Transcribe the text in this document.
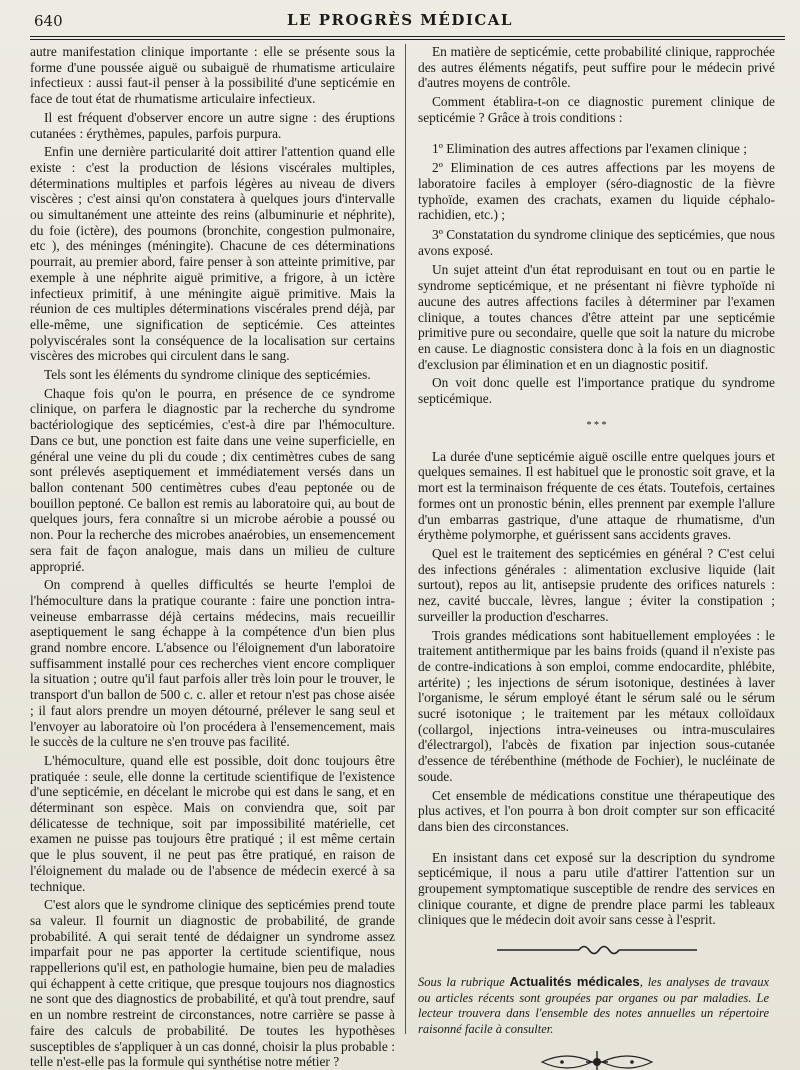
640	LE PROGRÈS MÉDICAL

autre manifestation clinique importante : elle se présente sous la forme d'une poussée aiguë ou subaiguë de rhumatisme articulaire infectieux : aussi faut-il penser à la possibilité d'une septicémie en face de tout état de rhumatisme articulaire infectieux.

Il est fréquent d'observer encore un autre signe : des éruptions cutanées : érythèmes, papules, parfois purpura.

Enfin une dernière particularité doit attirer l'attention quand elle existe : c'est la production de lésions viscérales multiples, déterminations multiples et parfois légères au niveau de divers viscères ; c'est ainsi qu'on constatera à quelques jours d'intervalle ou simultanément une atteinte des reins (albuminurie et néphrite), du foie (ictère), des poumons (bronchite, congestion pulmonaire, etc ), des méninges (méningite). Chacune de ces déterminations pourrait, au premier abord, faire penser à son atteinte primitive, par exemple à une néphrite aiguë primitive, a frigore, à un ictère infectieux primitif, à une méningite aiguë primitive. Mais la réunion de ces multiples déterminations viscérales prend déjà, par elle-même, une signification de septicémie. Ces atteintes polyviscérales sont la conséquence de la localisation sur certains viscères des microbes qui circulent dans le sang.

Tels sont les éléments du syndrome clinique des septicémies.

Chaque fois qu'on le pourra, en présence de ce syndrome clinique, on parfera le diagnostic par la recherche du syndrome bactériologique des septicémies, c'est-à dire par l'hémoculture. Dans ce but, une ponction est faite dans une veine superficielle, en général une veine du pli du coude ; dix centimètres cubes de sang sont prélevés aseptiquement et immédiatement versés dans un ballon contenant 500 centimètres cubes d'eau peptonée ou de bouillon peptoné. Ce ballon est remis au laboratoire qui, au bout de quelques jours, fera connaître si un microbe aérobie a poussé ou non. Pour la recherche des microbes anaérobies, un ensemencement sera fait de façon analogue, mais dans un milieu de culture approprié.

On comprend à quelles difficultés se heurte l'emploi de l'hémoculture dans la pratique courante : faire une ponction intra-veineuse embarrasse déjà certains médecins, mais recueillir aseptiquement le sang échappe à la compétence d'un bien plus grand nombre encore. L'absence ou l'éloignement d'un laboratoire suffisamment installé pour ces recherches vient encore compliquer la situation ; outre qu'il faut parfois aller très loin pour le trouver, le transport d'un ballon de 500 c. c. aller et retour n'est pas chose aisée ; il faut alors prendre un moyen détourné, prélever le sang seul et l'envoyer au laboratoire où l'on procédera à l'ensemencement, mais le succès de la culture ne s'en trouve pas facilité.

L'hémoculture, quand elle est possible, doit donc toujours être pratiquée : seule, elle donne la certitude scientifique de l'existence d'une septicémie, en décelant le microbe qui est dans le sang, et en déterminant son espèce. Mais on conviendra que, soit par délicatesse de technique, soit par impossibilité matérielle, cet examen ne puisse pas toujours être pratiqué ; il est même certain que le plus souvent, il ne peut pas être pratiqué, en raison de l'éloignement du malade ou de l'absence de médecin exercé à sa technique.

C'est alors que le syndrome clinique des septicémies prend toute sa valeur. Il fournit un diagnostic de probabilité, de grande probabilité. A qui serait tenté de dédaigner un syndrome assez imparfait pour ne pas apporter la certitude scientifique, nous rappellerions qu'il est, en pathologie humaine, bien peu de maladies qui échappent à cette critique, que presque toujours nos diagnostics ne sont que des diagnostics de probabilité, et qu'à tout prendre, sauf en un nombre restreint de circonstances, notre carrière se passe à faire des calculs de probabilité. De toutes les hypothèses susceptibles de s'appliquer à un cas donné, choisir la plus probable : telle n'est-elle pas la formule qui synthétise notre métier ?

En matière de septicémie, cette probabilité clinique, rapprochée des autres éléments négatifs, peut suffire pour le médecin privé d'autres moyens de contrôle.

Comment établira-t-on ce diagnostic purement clinique de septicémie ? Grâce à trois conditions :

1º Elimination des autres affections par l'examen clinique ;

2º Elimination de ces autres affections par les moyens de laboratoire faciles à employer (séro-diagnostic de la fièvre typhoïde, examen des crachats, examen du liquide céphalo-rachidien, etc.) ;

3º Constatation du syndrome clinique des septicémies, que nous avons exposé.

Un sujet atteint d'un état reproduisant en tout ou en partie le syndrome septicémique, et ne présentant ni fièvre typhoïde ni aucune des autres affections faciles à déterminer par l'examen clinique, a toutes chances d'être atteint par une septicémie primitive pure ou secondaire, quelle que soit la nature du microbe en cause. Le diagnostic consistera donc à la fois en un diagnostic d'exclusion par élimination et en un diagnostic positif.

On voit donc quelle est l'importance pratique du syndrome septicémique.

* * *

La durée d'une septicémie aiguë oscille entre quelques jours et quelques semaines. Il est habituel que le pronostic soit grave, et la mort est la terminaison fréquente de ces états. Toutefois, certaines formes ont un pronostic bénin, elles prennent par exemple l'allure d'un embarras gastrique, d'une attaque de rhumatisme, d'un érythème polymorphe, et guérissent sans accidents graves.

Quel est le traitement des septicémies en général ? C'est celui des infections générales : alimentation exclusive liquide (lait surtout), repos au lit, antisepsie prudente des orifices naturels : nez, cavité buccale, lèvres, langue ; éviter la constipation ; surveiller la production d'escharres.

Trois grandes médications sont habituellement employées : le traitement antithermique par les bains froids (quand il n'existe pas de contre-indications à son emploi, comme endocardite, phlébite, artérite) ; les injections de sérum isotonique, destinées à laver l'organisme, le sérum employé étant le sérum salé ou le sérum sucré isotonique ; le traitement par les métaux colloïdaux (collargol, injections intra-veineuses ou intra-musculaires d'électrargol), l'abcès de fixation par injection sous-cutanée d'essence de térébenthine (méthode de Fochier), le nucléinate de soude.

Cet ensemble de médications constitue une thérapeutique des plus actives, et l'on pourra à bon droit compter sur son efficacité dans bien des circonstances.

En insistant dans cet exposé sur la description du syndrome septicémique, il nous a paru utile d'attirer l'attention sur un groupement symptomatique susceptible de rendre des services en clinique courante, et digne de prendre place parmi les tableaux cliniques que le médecin doit avoir sans cesse à l'esprit.

Sous la rubrique Actualités médicales, les analyses de travaux ou articles récents sont groupées par organes ou par maladies. Le lecteur trouvera dans l'ensemble des notes annuelles un répertoire raisonné facile à consulter.
